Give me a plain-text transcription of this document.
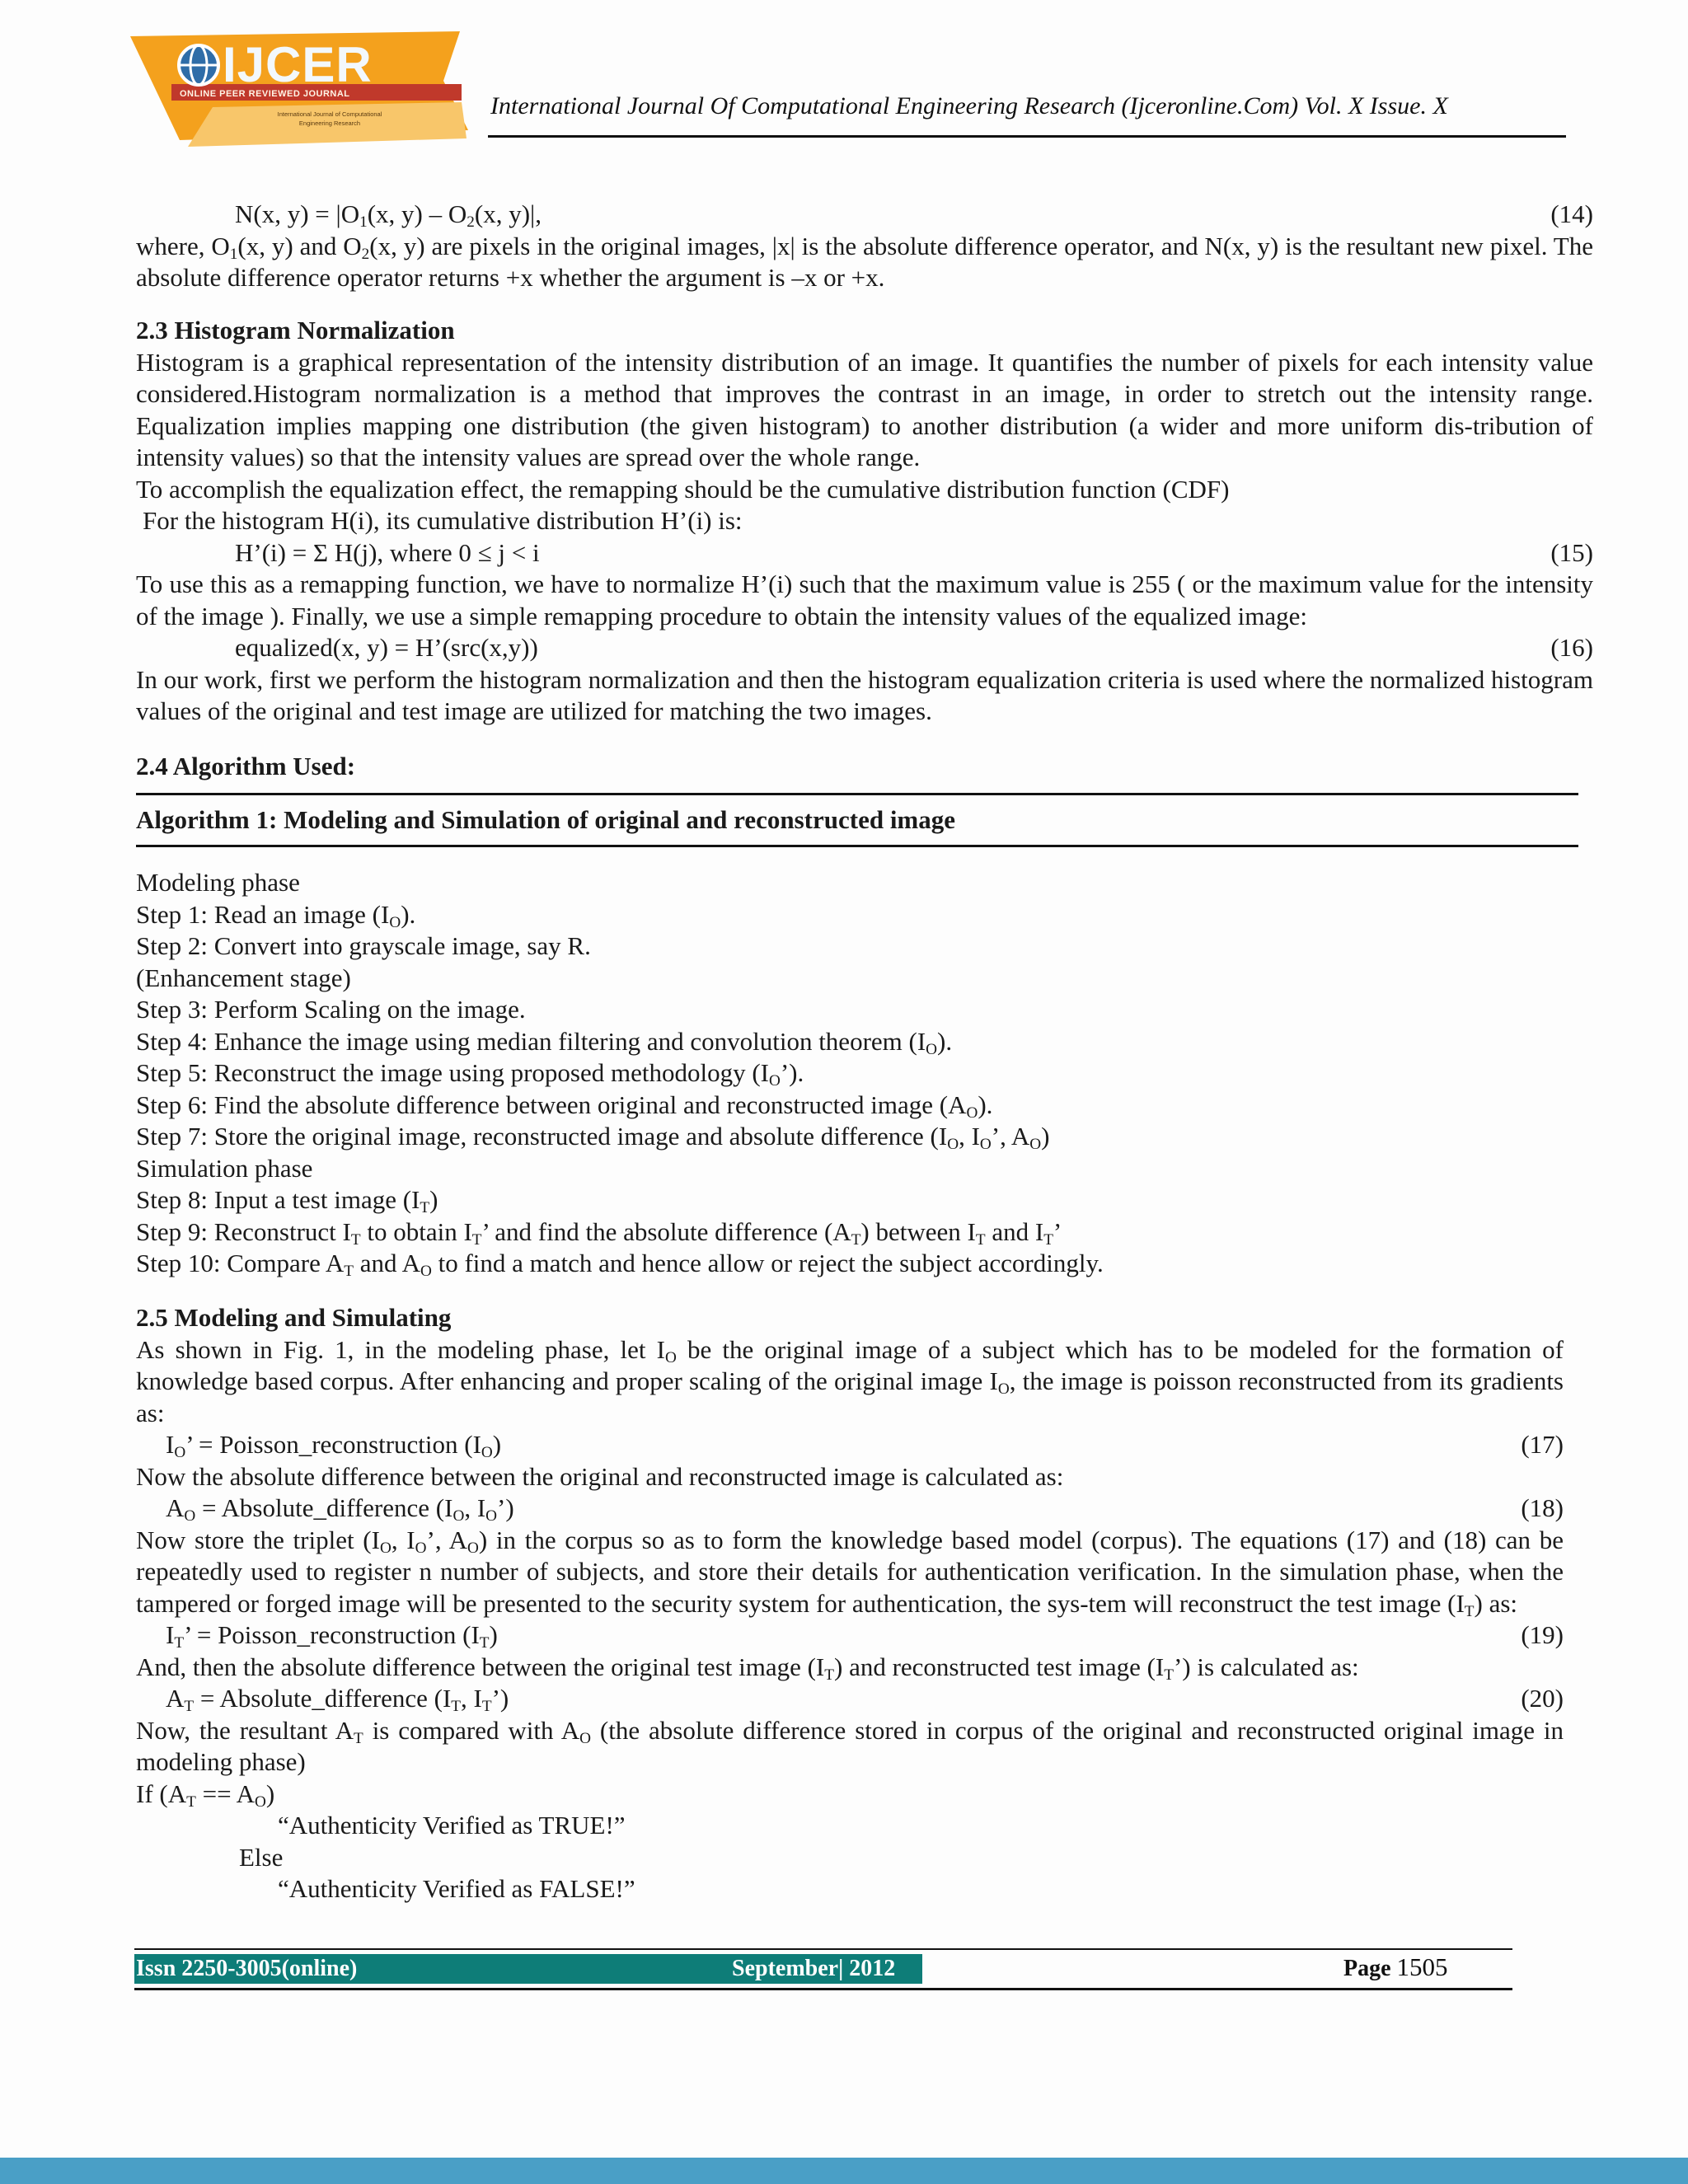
IJCER
ONLINE PEER REVIEWED JOURNAL
International Journal of Computational
Engineering Research
International Journal Of Computational Engineering Research (Ijceronline.Com) Vol. X Issue. X
N(x, $y) = |O_1(x$, $y) - O_2(x$, y)|,	(14)

where, $O_1(x$, y) and $O_2(x$, y) are pixels in the original images, |x| is the absolute difference operator, and N(x, y) is the resultant new pixel. The absolute difference operator returns +x whether the argument is –x or +x.

2.3 Histogram Normalization

Histogram is a graphical representation of the intensity distribution of an image. It quantifies the number of pixels for each intensity value considered.Histogram normalization is a method that improves the contrast in an image, in order to stretch out the intensity range. Equalization implies mapping one distribution (the given histogram) to another distribution (a wider and more uniform dis-tribution of intensity values) so that the intensity values are spread over the whole range.

To accomplish the equalization effect, the remapping should be the cumulative distribution function (CDF)

For the histogram H(i), its cumulative distribution H’(i) is:

H’(i) = Σ H(j), where 0 ≤ j < i	(15)

To use this as a remapping function, we have to normalize H’(i) such that the maximum value is 255 ( or the maximum value for the intensity of the image ). Finally, we use a simple remapping procedure to obtain the intensity values of the equalized image:

equalized(x, y) = H’(src(x,y))	(16)

In our work, first we perform the histogram normalization and then the histogram equalization criteria is used where the normalized histogram values of the original and test image are utilized for matching the two images.

2.4 Algorithm Used:
Algorithm 1: Modeling and Simulation of original and reconstructed image
Modeling phase
Step 1: Read an image $(I_O)$.
Step 2: Convert into grayscale image, say R.
(Enhancement stage)
Step 3: Perform Scaling on the image.
Step 4: Enhance the image using median filtering and convolution theorem $(I_O)$.
Step 5: Reconstruct the image using proposed methodology $(I_O’)$.
Step 6: Find the absolute difference between original and reconstructed image $(A_O)$.
Step 7: Store the original image, reconstructed image and absolute difference ($I_O$, $I_O$’, $A_O$)
Simulation phase
Step 8: Input a test image $(I_T)$
Step 9: Reconstruct $I_T$ to obtain $I_T$’ and find the absolute difference $(A_T)$ between $I_T$ and $I_T$’
Step 10: Compare $A_T$ and $A_O$ to find a match and hence allow or reject the subject accordingly.
2.5 Modeling and Simulating

As shown in Fig. 1, in the modeling phase, let $I_O$ be the original image of a subject which has to be modeled for the formation of knowledge based corpus. After enhancing and proper scaling of the original image $I_O$, the image is poisson reconstructed from its gradients as:

$I_O$’ = Poisson_reconstruction $(I_O)$	(17)

Now the absolute difference between the original and reconstructed image is calculated as:

$A_O$ = Absolute_difference ($I_O$, $I_O$’)	(18)

Now store the triplet ($I_O$, $I_O$’, $A_O$) in the corpus so as to form the knowledge based model (corpus). The equations (17) and (18) can be repeatedly used to register n number of subjects, and store their details for authentication verification. In the simulation phase, when the tampered or forged image will be presented to the security system for authentication, the sys-tem will reconstruct the test image $(I_T)$ as:

$I_T$’ = Poisson_reconstruction $(I_T)$	(19)

And, then the absolute difference between the original test image $(I_T)$ and reconstructed test image $(I_T’)$ is calculated as:

$A_T$ = Absolute_difference ($I_T$, $I_T$’)	(20)

Now, the resultant $A_T$ is compared with $A_O$ (the absolute difference stored in corpus of the original and reconstructed original image in modeling phase)

If $(A_T == A_O)$
“Authenticity Verified as TRUE!”
Else
“Authenticity Verified as FALSE!”
Issn 2250-3005(online)	September| 2012	Page 1505
